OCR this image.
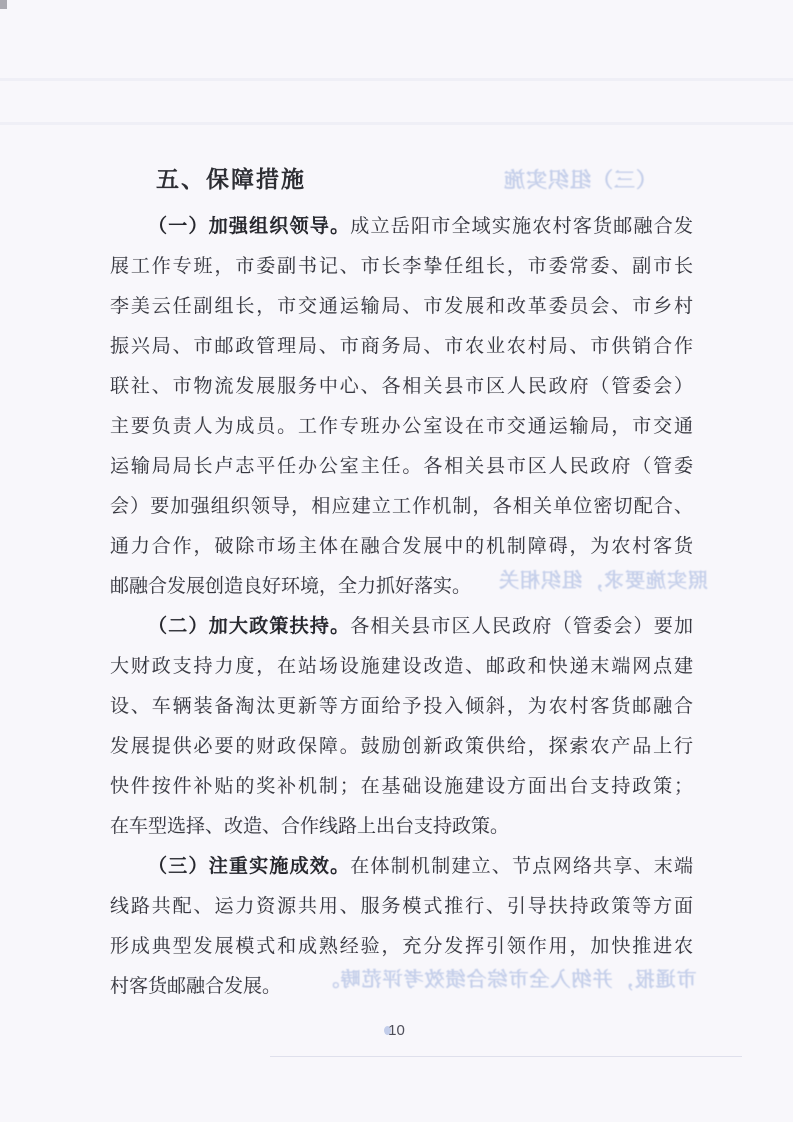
（三）组织实施
照实施要求，组织相关
市通报，并纳入全市综合绩效考评范畴。
五、保障措施
（一）加强组织领导。成立岳阳市全域实施农村客货邮融合发
展工作专班，市委副书记、市长李挚任组长，市委常委、副市长
李美云任副组长，市交通运输局、市发展和改革委员会、市乡村
振兴局、市邮政管理局、市商务局、市农业农村局、市供销合作
联社、市物流发展服务中心、各相关县市区人民政府（管委会）
主要负责人为成员。工作专班办公室设在市交通运输局，市交通
运输局局长卢志平任办公室主任。各相关县市区人民政府（管委
会）要加强组织领导，相应建立工作机制，各相关单位密切配合、
通力合作，破除市场主体在融合发展中的机制障碍，为农村客货
邮融合发展创造良好环境，全力抓好落实。
（二）加大政策扶持。各相关县市区人民政府（管委会）要加
大财政支持力度，在站场设施建设改造、邮政和快递末端网点建
设、车辆装备淘汰更新等方面给予投入倾斜，为农村客货邮融合
发展提供必要的财政保障。鼓励创新政策供给，探索农产品上行
快件按件补贴的奖补机制；在基础设施建设方面出台支持政策；
在车型选择、改造、合作线路上出台支持政策。
（三）注重实施成效。在体制机制建立、节点网络共享、末端
线路共配、运力资源共用、服务模式推行、引导扶持政策等方面
形成典型发展模式和成熟经验，充分发挥引领作用，加快推进农
村客货邮融合发展。
10
